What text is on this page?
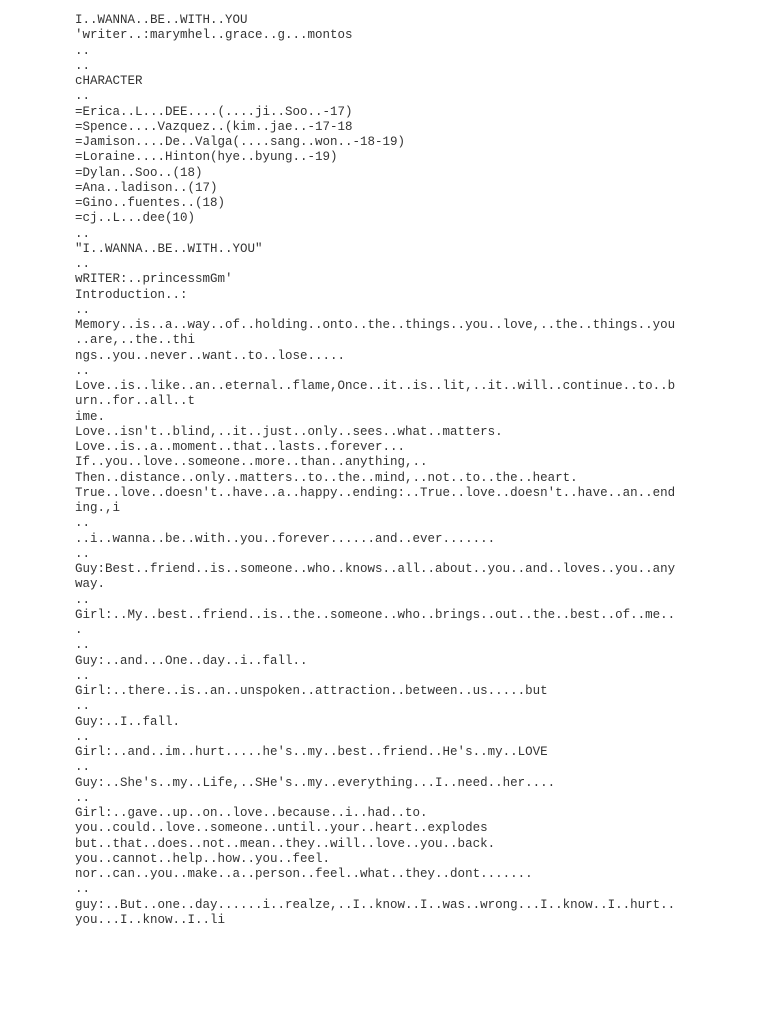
I..WANNA..BE..WITH..YOU
'writer..:marymhel..grace..g...montos
..
..
cHARACTER
..
=Erica..L...DEE....(....ji..Soo..-17)
=Spence....Vazquez..(kim..jae..-17-18
=Jamison....De..Valga(....sang..won..-18-19)
=Loraine....Hinton(hye..byung..-19)
=Dylan..Soo..(18)
=Ana..ladison..(17)
=Gino..fuentes..(18)
=cj..L...dee(10)
..
"I..WANNA..BE..WITH..YOU"
..
wRITER:..princessmGm'
Introduction..:
..
Memory..is..a..way..of..holding..onto..the..things..you..love,..the..things..you
..are,..the..thi
ngs..you..never..want..to..lose.....
..
Love..is..like..an..eternal..flame,Once..it..is..lit,..it..will..continue..to..b
urn..for..all..t
ime.
Love..isn't..blind,..it..just..only..sees..what..matters.
Love..is..a..moment..that..lasts..forever...
If..you..love..someone..more..than..anything,..
Then..distance..only..matters..to..the..mind,..not..to..the..heart.
True..love..doesn't..have..a..happy..ending:..True..love..doesn't..have..an..end
ing.,i
..
..i..wanna..be..with..you..forever......and..ever.......
..
Guy:Best..friend..is..someone..who..knows..all..about..you..and..loves..you..any
way.
..
Girl:..My..best..friend..is..the..someone..who..brings..out..the..best..of..me..
.
..
Guy:..and...One..day..i..fall..
..
Girl:..there..is..an..unspoken..attraction..between..us.....but
..
Guy:..I..fall.
..
Girl:..and..im..hurt.....he's..my..best..friend..He's..my..LOVE
..
Guy:..She's..my..Life,..SHe's..my..everything...I..need..her....
..
Girl:..gave..up..on..love..because..i..had..to.
you..could..love..someone..until..your..heart..explodes
but..that..does..not..mean..they..will..love..you..back.
you..cannot..help..how..you..feel.
nor..can..you..make..a..person..feel..what..they..dont.......
..
guy:..But..one..day......i..realze,..I..know..I..was..wrong...I..know..I..hurt..
you...I..know..I..li
